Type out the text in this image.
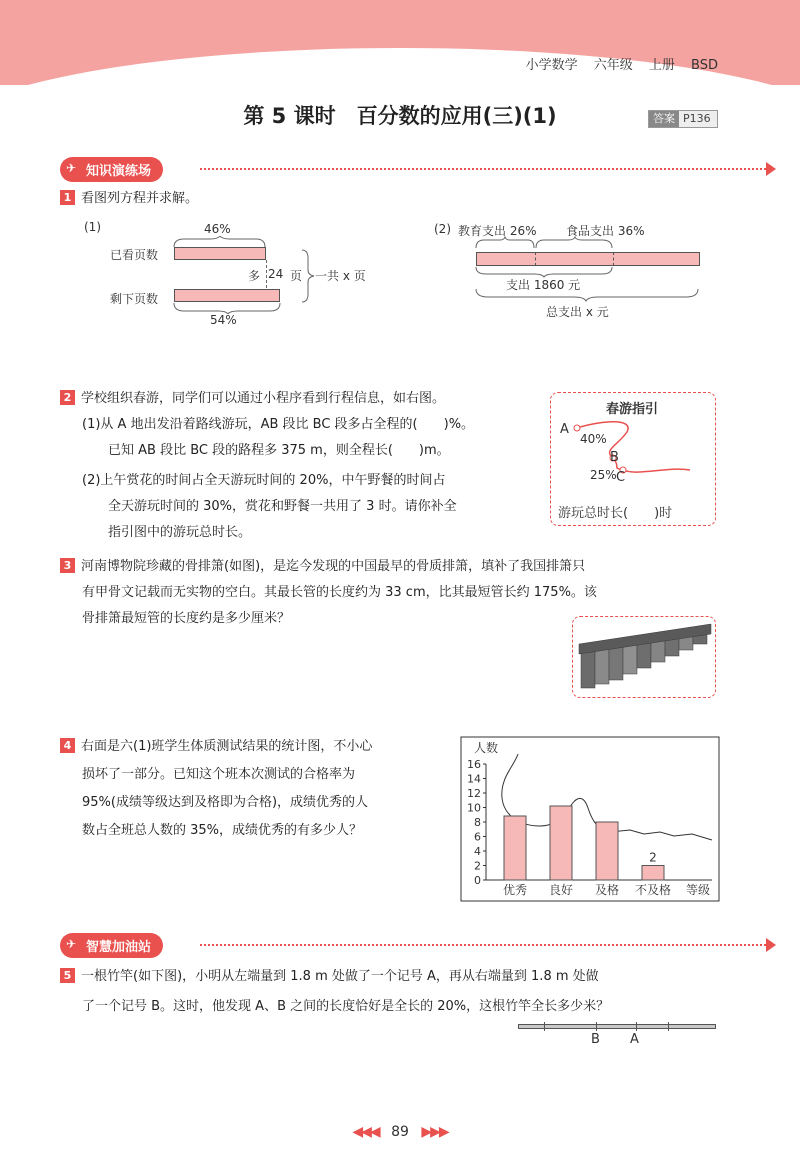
小学数学 六年级 上册 BSD
第 5 课时　百分数的应用(三)(1)	答案 P136
✈ 知识演练场
1 看图列方程并求解。
(1)	46%
已看页数
多 24 页 一共 x 页
剩下页数
54%
(2) 教育支出 26% 食品支出 36%
支出 1860 元
总支出 x 元
2 学校组织春游，同学们可以通过小程序看到行程信息，如右图。
(1)从 A 地出发沿着路线游玩，AB 段比 BC 段多占全程的(　　)%。
已知 AB 段比 BC 段的路程多 375 m，则全程长(　　)m。
(2)上午赏花的时间占全天游玩时间的 20%，中午野餐的时间占
全天游玩时间的 30%，赏花和野餐一共用了 3 时。请你补全
指引图中的游玩总时长。
春游指引
A
40%
B
25% C
游玩总时长(　　)时
3 河南博物院珍藏的骨排箫(如图)，是迄今发现的中国最早的骨质排箫，填补了我国排箫只
有甲骨文记载而无实物的空白。其最长管的长度约为 33 cm，比其最短管长约 175%。该
骨排箫最短管的长度约是多少厘米？
4 右面是六(1)班学生体质测试结果的统计图，不小心
损坏了一部分。已知这个班本次测试的合格率为
95%(成绩等级达到及格即为合格)，成绩优秀的人
数占全班总人数的 35%，成绩优秀的有多少人？
人数
等级
0
2
4
6
8
10
12
14
16
2
优秀 良好 及格 不及格
✈ 智慧加油站
5 一根竹竿(如下图)，小明从左端量到 1.8 m 处做了一个记号 A，再从右端量到 1.8 m 处做
了一个记号 B。这时，他发现 A、B 之间的长度恰好是全长的 20%，这根竹竿全长多少米？
B A
◀◀◀ 89 ▶▶▶
